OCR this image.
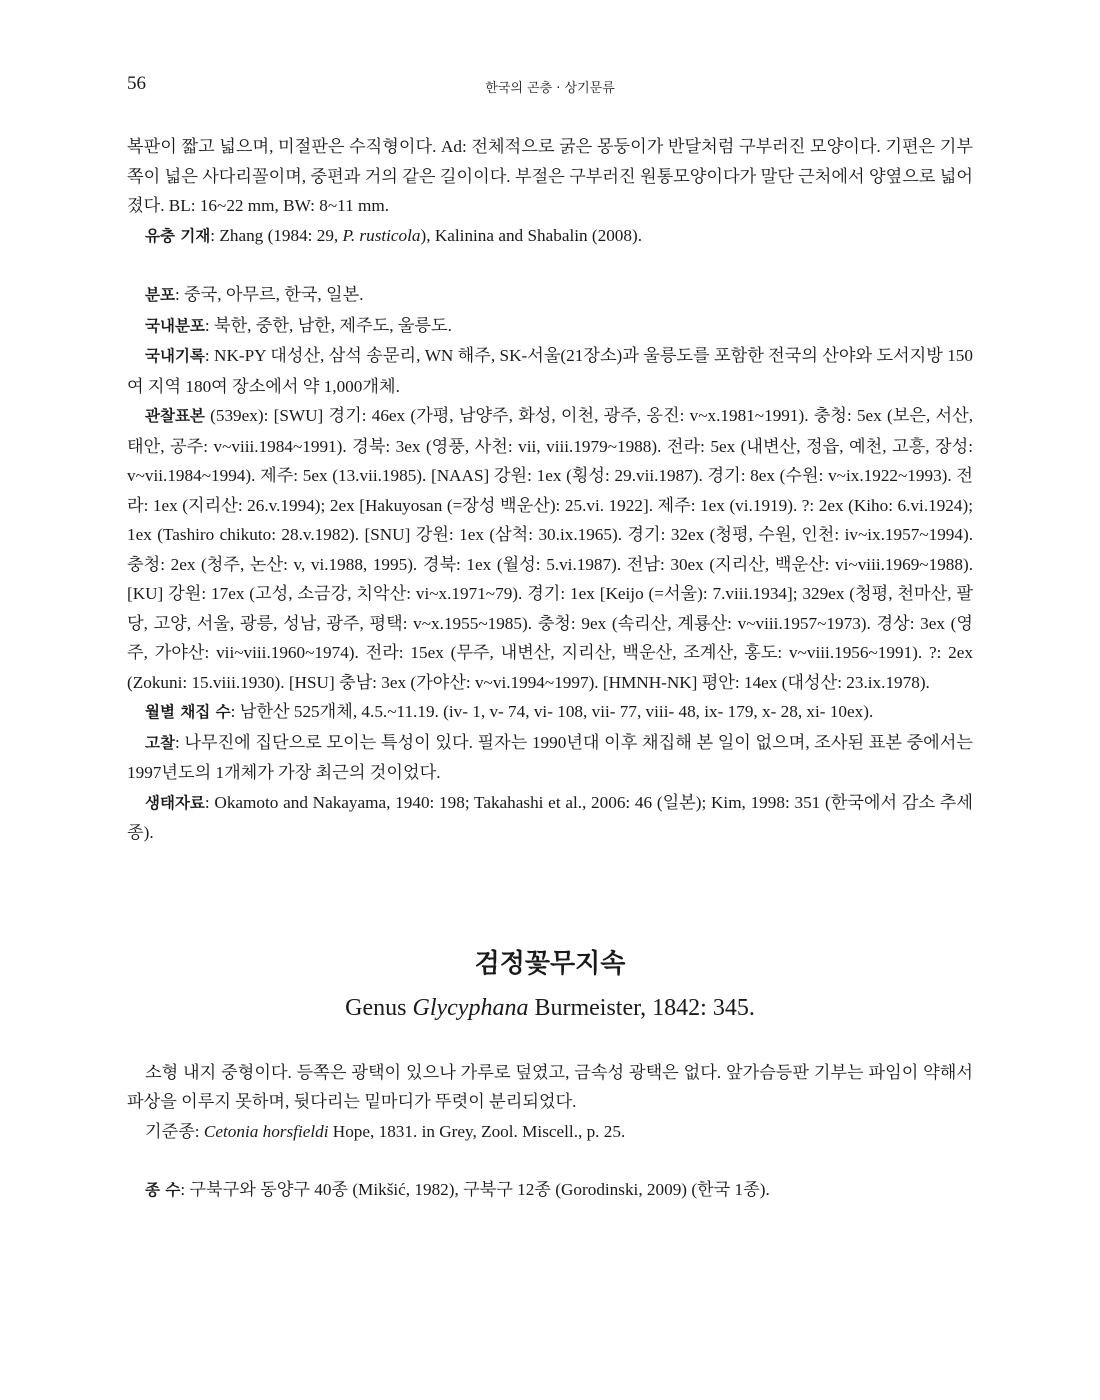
56	한국의 곤충 · 상기문류

복판이 짧고 넓으며, 미절판은 수직형이다. Ad: 전체적으로 굵은 몽둥이가 반달처럼 구부러진 모양이다. 기편은 기부 쪽이 넓은 사다리꼴이며, 중편과 거의 같은 길이이다. 부절은 구부러진 원통모양이다가 말단 근처에서 양옆으로 넓어졌다. BL: 16~22 mm, BW: 8~11 mm.

유충 기재: Zhang (1984: 29, P. rusticola), Kalinina and Shabalin (2008).

분포: 중국, 아무르, 한국, 일본.

국내분포: 북한, 중한, 남한, 제주도, 울릉도.

국내기록: NK-PY 대성산, 삼석 송문리, WN 해주, SK-서울(21장소)과 울릉도를 포함한 전국의 산야와 도서지방 150여 지역 180여 장소에서 약 1,000개체.

관찰표본 (539ex): [SWU] 경기: 46ex (가평, 남양주, 화성, 이천, 광주, 옹진: v~x.1981~1991). 충청: 5ex (보은, 서산, 태안, 공주: v~viii.1984~1991). 경북: 3ex (영풍, 사천: vii, viii.1979~1988). 전라: 5ex (내변산, 정읍, 예천, 고흥, 장성: v~vii.1984~1994). 제주: 5ex (13.vii.1985). [NAAS] 강원: 1ex (횡성: 29.vii.1987). 경기: 8ex (수원: v~ix.1922~1993). 전라: 1ex (지리산: 26.v.1994); 2ex [Hakuyosan (=장성 백운산): 25.vi. 1922]. 제주: 1ex (vi.1919). ?: 2ex (Kiho: 6.vi.1924); 1ex (Tashiro chikuto: 28.v.1982). [SNU] 강원: 1ex (삼척: 30.ix.1965). 경기: 32ex (청평, 수원, 인천: iv~ix.1957~1994). 충청: 2ex (청주, 논산: v, vi.1988, 1995). 경북: 1ex (월성: 5.vi.1987). 전남: 30ex (지리산, 백운산: vi~viii.1969~1988). [KU] 강원: 17ex (고성, 소금강, 치악산: vi~x.1971~79). 경기: 1ex [Keijo (=서울): 7.viii.1934]; 329ex (청평, 천마산, 팔당, 고양, 서울, 광릉, 성남, 광주, 평택: v~x.1955~1985). 충청: 9ex (속리산, 계룡산: v~viii.1957~1973). 경상: 3ex (영주, 가야산: vii~viii.1960~1974). 전라: 15ex (무주, 내변산, 지리산, 백운산, 조계산, 홍도: v~viii.1956~1991). ?: 2ex (Zokuni: 15.viii.1930). [HSU] 충남: 3ex (가야산: v~vi.1994~1997). [HMNH-NK] 평안: 14ex (대성산: 23.ix.1978).

월별 채집 수: 남한산 525개체, 4.5.~11.19. (iv- 1, v- 74, vi- 108, vii- 77, viii- 48, ix- 179, x- 28, xi- 10ex).

고찰: 나무진에 집단으로 모이는 특성이 있다. 필자는 1990년대 이후 채집해 본 일이 없으며, 조사된 표본 중에서는 1997년도의 1개체가 가장 최근의 것이었다.

생태자료: Okamoto and Nakayama, 1940: 198; Takahashi et al., 2006: 46 (일본); Kim, 1998: 351 (한국에서 감소 추세종).

검정꽃무지속

Genus Glycyphana Burmeister, 1842: 345.

소형 내지 중형이다. 등쪽은 광택이 있으나 가루로 덮였고, 금속성 광택은 없다. 앞가슴등판 기부는 파임이 약해서 파상을 이루지 못하며, 뒷다리는 밑마디가 뚜렷이 분리되었다.

기준종: Cetonia horsfieldi Hope, 1831. in Grey, Zool. Miscell., p. 25.

종 수: 구북구와 동양구 40종 (Mikšić, 1982), 구북구 12종 (Gorodinski, 2009) (한국 1종).
